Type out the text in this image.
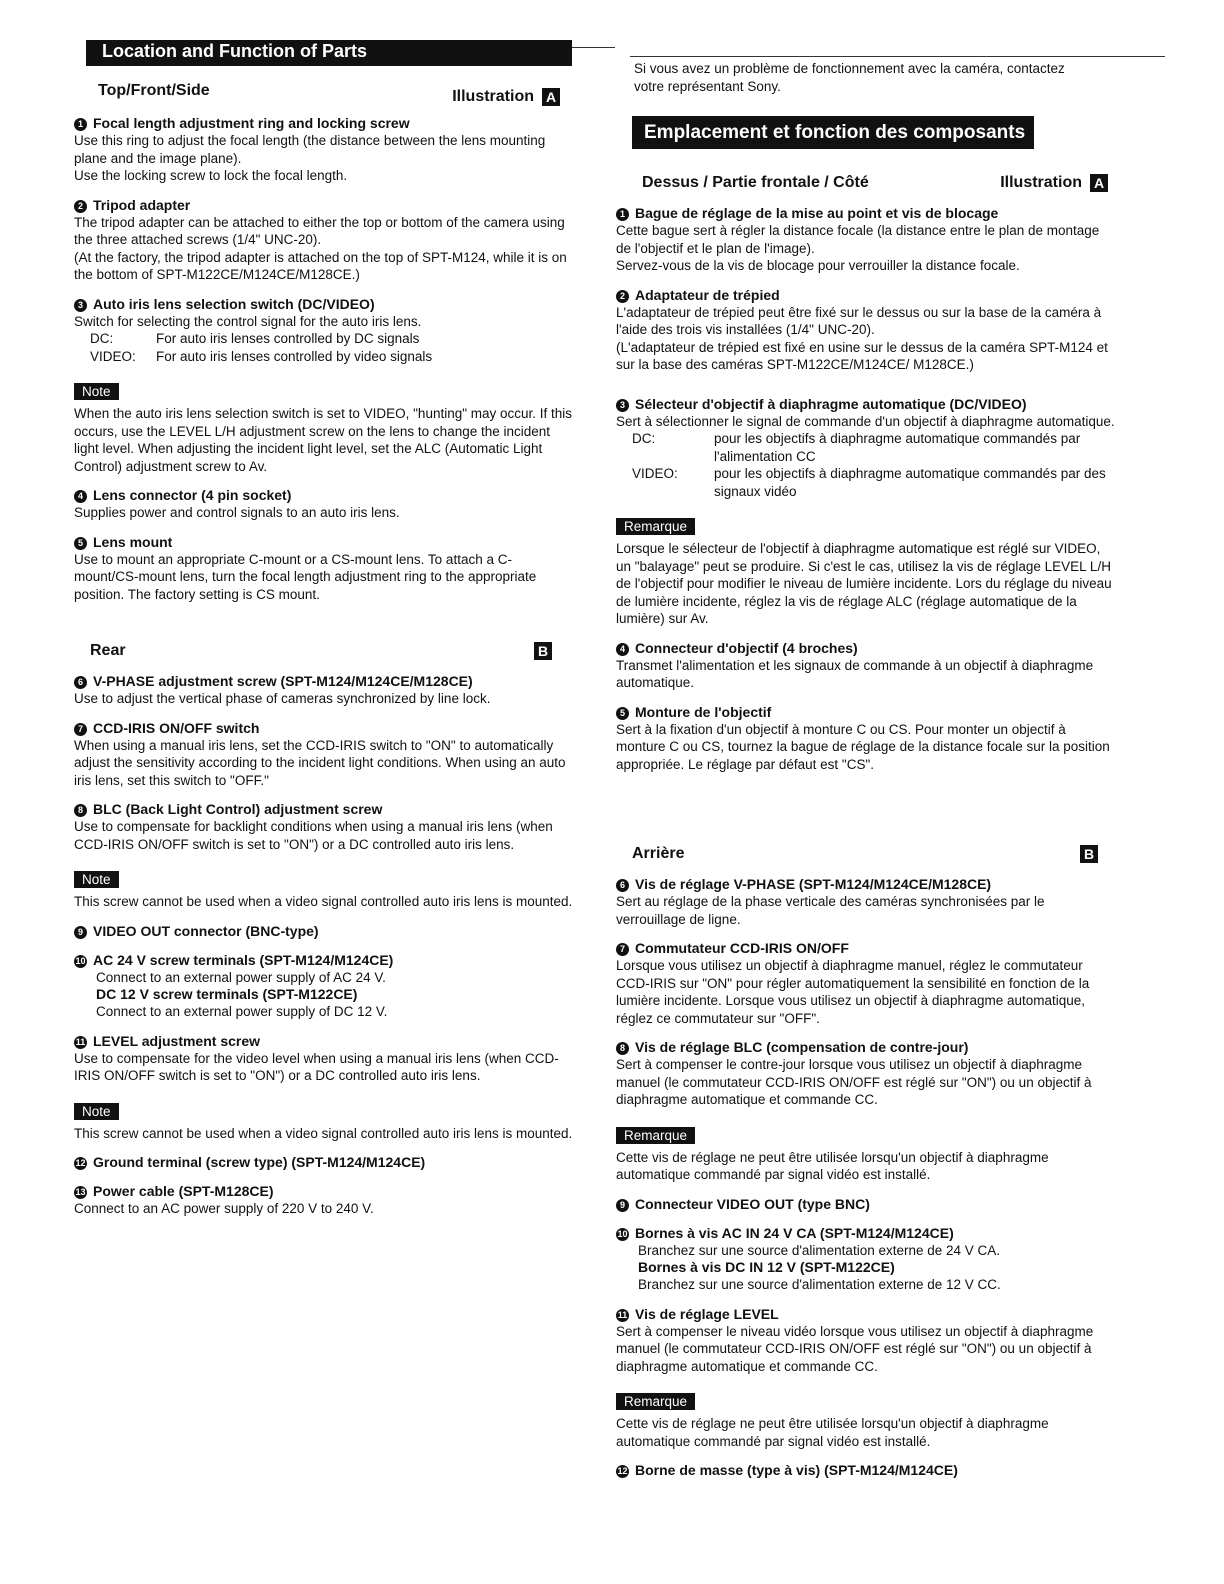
Location and Function of Parts
Top/Front/Side	Illustration A
1 Focal length adjustment ring and locking screw
Use this ring to adjust the focal length (the distance between the lens mounting plane and the image plane).
Use the locking screw to lock the focal length.
2 Tripod adapter
The tripod adapter can be attached to either the top or bottom of the camera using the three attached screws (1/4" UNC-20).
(At the factory, the tripod adapter is attached on the top of SPT-M124, while it is on the bottom of SPT-M122CE/M124CE/M128CE.)
3 Auto iris lens selection switch (DC/VIDEO)
Switch for selecting the control signal for the auto iris lens.
DC:	For auto iris lenses controlled by DC signals
VIDEO:	For auto iris lenses controlled by video signals
Note
When the auto iris lens selection switch is set to VIDEO, "hunting" may occur. If this occurs, use the LEVEL L/H adjustment screw on the lens to change the incident light level. When adjusting the incident light level, set the ALC (Automatic Light Control) adjustment screw to Av.
4 Lens connector (4 pin socket)
Supplies power and control signals to an auto iris lens.
5 Lens mount
Use to mount an appropriate C-mount or a CS-mount lens. To attach a C-mount/CS-mount lens, turn the focal length adjustment ring to the appropriate position. The factory setting is CS mount.
Rear	B
6 V-PHASE adjustment screw (SPT-M124/M124CE/M128CE)
Use to adjust the vertical phase of cameras synchronized by line lock.
7 CCD-IRIS ON/OFF switch
When using a manual iris lens, set the CCD-IRIS switch to "ON" to automatically adjust the sensitivity according to the incident light conditions. When using an auto iris lens, set this switch to "OFF."
8 BLC (Back Light Control) adjustment screw
Use to compensate for backlight conditions when using a manual iris lens (when CCD-IRIS ON/OFF switch is set to "ON") or a DC controlled auto iris lens.
Note
This screw cannot be used when a video signal controlled auto iris lens is mounted.
9 VIDEO OUT connector (BNC-type)
10 AC 24 V screw terminals (SPT-M124/M124CE)
Connect to an external power supply of AC 24 V.
DC 12 V screw terminals (SPT-M122CE)
Connect to an external power supply of DC 12 V.
11 LEVEL adjustment screw
Use to compensate for the video level when using a manual iris lens (when CCD-IRIS ON/OFF switch is set to "ON") or a DC controlled auto iris lens.
Note
This screw cannot be used when a video signal controlled auto iris lens is mounted.
12 Ground terminal (screw type) (SPT-M124/M124CE)
13 Power cable (SPT-M128CE)
Connect to an AC power supply of 220 V to 240 V.
Si vous avez un problème de fonctionnement avec la caméra, contactez votre représentant Sony.
Emplacement et fonction des composants
Dessus / Partie frontale / Côté	Illustration A
1 Bague de réglage de la mise au point et vis de blocage
Cette bague sert à régler la distance focale (la distance entre le plan de montage de l'objectif et le plan de l'image).
Servez-vous de la vis de blocage pour verrouiller la distance focale.
2 Adaptateur de trépied
L'adaptateur de trépied peut être fixé sur le dessus ou sur la base de la caméra à l'aide des trois vis installées (1/4" UNC-20).
(L'adaptateur de trépied est fixé en usine sur le dessus de la caméra SPT-M124 et sur la base des caméras SPT-M122CE/M124CE/ M128CE.)
3 Sélecteur d'objectif à diaphragme automatique (DC/VIDEO)
Sert à sélectionner le signal de commande d'un objectif à diaphragme automatique.
DC:	pour les objectifs à diaphragme automatique commandés par l'alimentation CC
VIDEO:	pour les objectifs à diaphragme automatique commandés par des signaux vidéo
Remarque
Lorsque le sélecteur de l'objectif à diaphragme automatique est réglé sur VIDEO, un "balayage" peut se produire. Si c'est le cas, utilisez la vis de réglage LEVEL L/H de l'objectif pour modifier le niveau de lumière incidente. Lors du réglage du niveau de lumière incidente, réglez la vis de réglage ALC (réglage automatique de la lumière) sur Av.
4 Connecteur d'objectif (4 broches)
Transmet l'alimentation et les signaux de commande à un objectif à diaphragme automatique.
5 Monture de l'objectif
Sert à la fixation d'un objectif à monture C ou CS. Pour monter un objectif à monture C ou CS, tournez la bague de réglage de la distance focale sur la position appropriée. Le réglage par défaut est "CS".
Arrière	B
6 Vis de réglage V-PHASE (SPT-M124/M124CE/M128CE)
Sert au réglage de la phase verticale des caméras synchronisées par le verrouillage de ligne.
7 Commutateur CCD-IRIS ON/OFF
Lorsque vous utilisez un objectif à diaphragme manuel, réglez le commutateur CCD-IRIS sur "ON" pour régler automatiquement la sensibilité en fonction de la lumière incidente. Lorsque vous utilisez un objectif à diaphragme automatique, réglez ce commutateur sur "OFF".
8 Vis de réglage BLC (compensation de contre-jour)
Sert à compenser le contre-jour lorsque vous utilisez un objectif à diaphragme manuel (le commutateur CCD-IRIS ON/OFF est réglé sur "ON") ou un objectif à diaphragme automatique et commande CC.
Remarque
Cette vis de réglage ne peut être utilisée lorsqu'un objectif à diaphragme automatique commandé par signal vidéo est installé.
9 Connecteur VIDEO OUT (type BNC)
10 Bornes à vis AC IN 24 V CA (SPT-M124/M124CE)
Branchez sur une source d'alimentation externe de 24 V CA.
Bornes à vis DC IN 12 V (SPT-M122CE)
Branchez sur une source d'alimentation externe de 12 V CC.
11 Vis de réglage LEVEL
Sert à compenser le niveau vidéo lorsque vous utilisez un objectif à diaphragme manuel (le commutateur CCD-IRIS ON/OFF est réglé sur "ON") ou un objectif à diaphragme automatique et commande CC.
Remarque
Cette vis de réglage ne peut être utilisée lorsqu'un objectif à diaphragme automatique commandé par signal vidéo est installé.
12 Borne de masse (type à vis) (SPT-M124/M124CE)
